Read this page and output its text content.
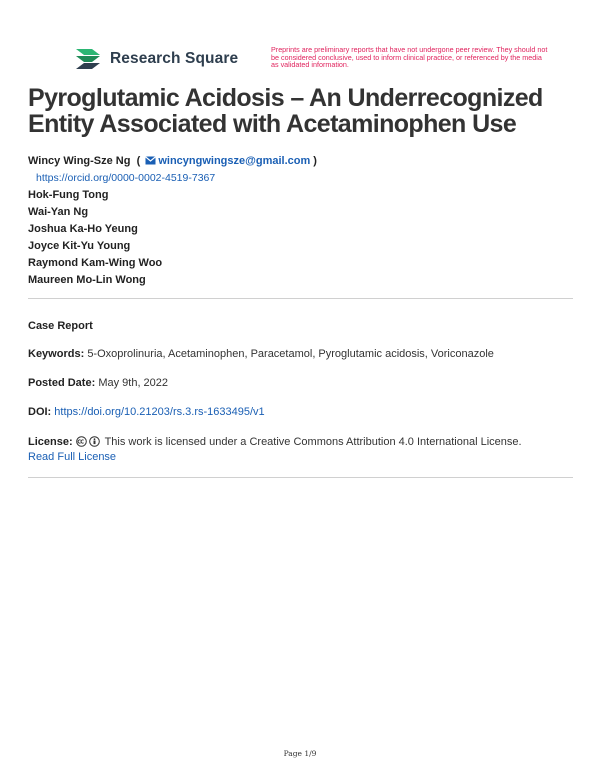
Research Square
Preprints are preliminary reports that have not undergone peer review. They should not be considered conclusive, used to inform clinical practice, or referenced by the media as validated information.
Pyroglutamic Acidosis – An Underrecognized Entity Associated with Acetaminophen Use
Wincy Wing-Sze Ng  ( wincyngwingsze@gmail.com )
https://orcid.org/0000-0002-4519-7367
Hok-Fung Tong
Wai-Yan Ng
Joshua Ka-Ho Yeung
Joyce Kit-Yu Young
Raymond Kam-Wing Woo
Maureen Mo-Lin Wong
Case Report
Keywords: 5-Oxoprolinuria, Acetaminophen, Paracetamol, Pyroglutamic acidosis, Voriconazole
Posted Date: May 9th, 2022
DOI: https://doi.org/10.21203/rs.3.rs-1633495/v1
License:	This work is licensed under a Creative Commons Attribution 4.0 International License.
Read Full License
Page 1/9
